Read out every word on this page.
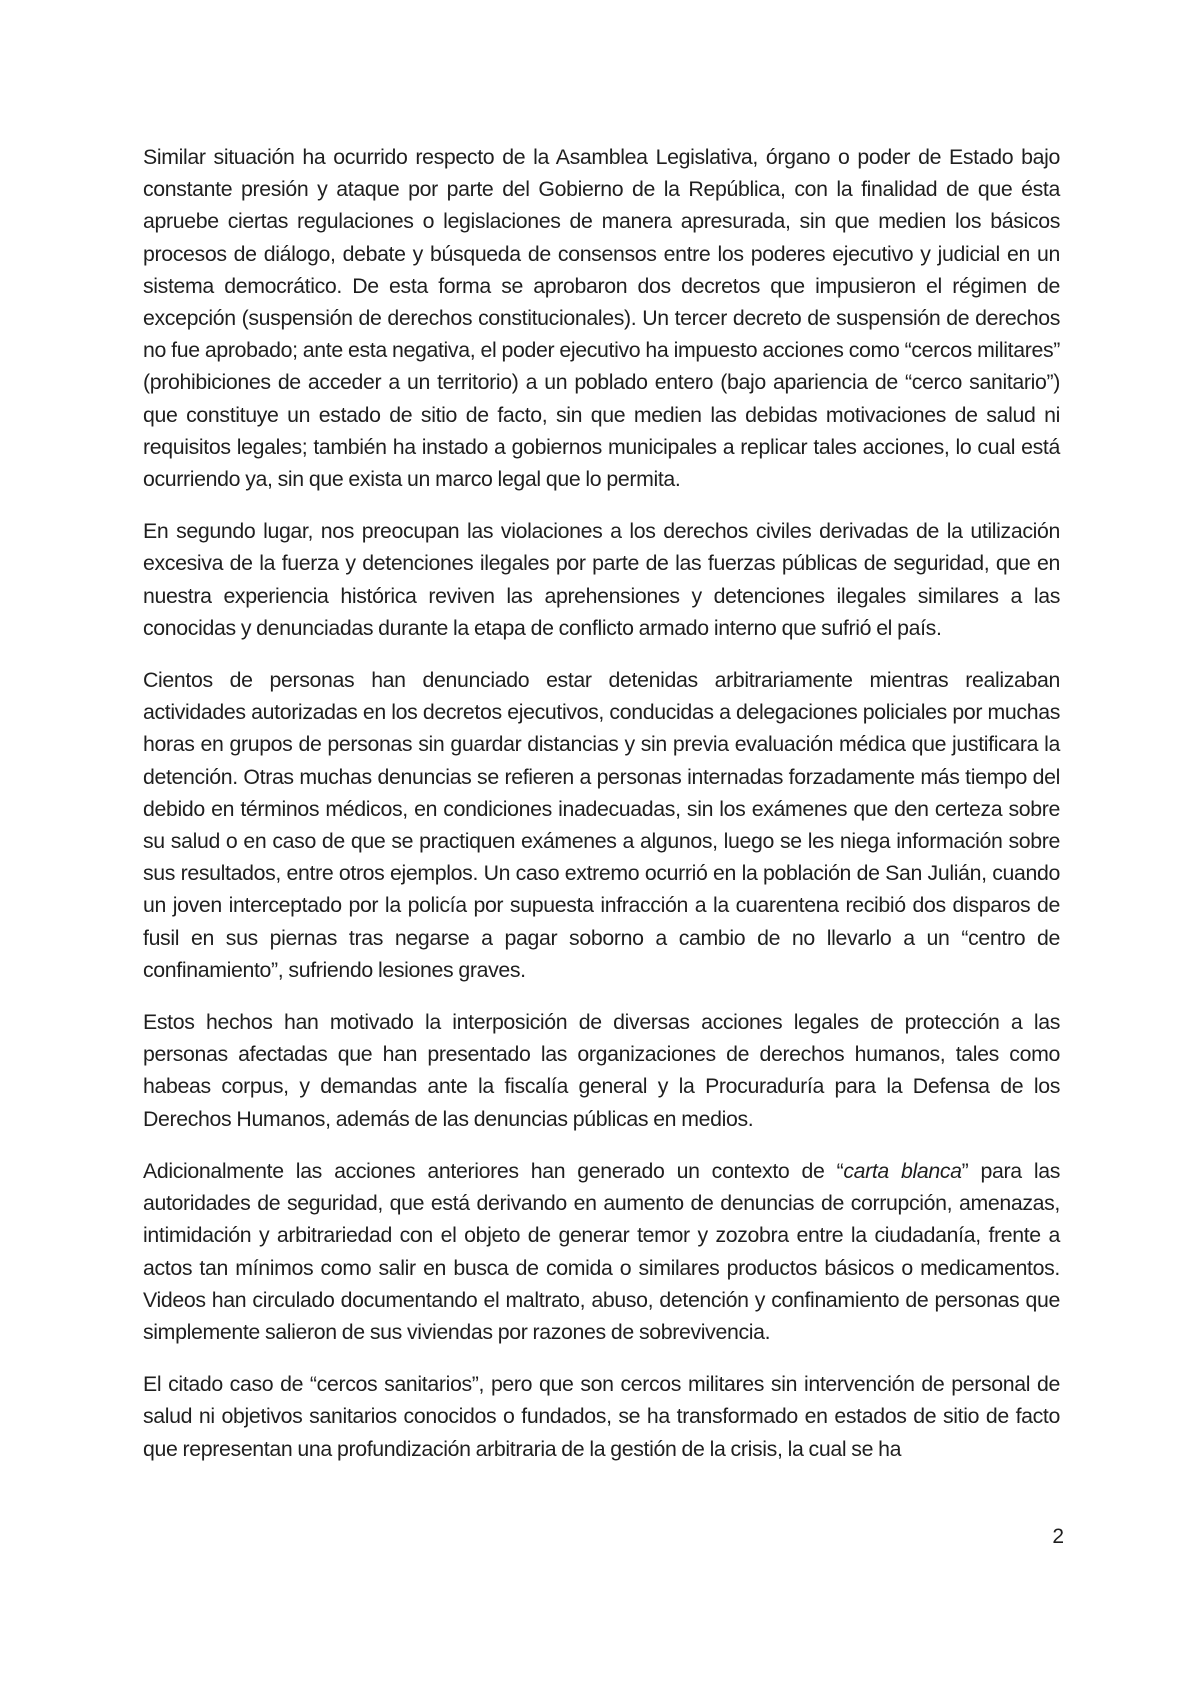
Similar situación ha ocurrido respecto de la Asamblea Legislativa, órgano o poder de Estado bajo constante presión y ataque por parte del Gobierno de la República, con la finalidad de que ésta apruebe ciertas regulaciones o legislaciones de manera apresurada, sin que medien los básicos procesos de diálogo, debate y búsqueda de consensos entre los poderes ejecutivo y judicial en un sistema democrático. De esta forma se aprobaron dos decretos que impusieron el régimen de excepción (suspensión de derechos constitucionales). Un tercer decreto de suspensión de derechos no fue aprobado; ante esta negativa, el poder ejecutivo ha impuesto acciones como “cercos militares” (prohibiciones de acceder a un territorio) a un poblado entero (bajo apariencia de “cerco sanitario”) que constituye un estado de sitio de facto, sin que medien las debidas motivaciones de salud ni requisitos legales; también ha instado a gobiernos municipales a replicar tales acciones, lo cual está ocurriendo ya, sin que exista un marco legal que lo permita.

En segundo lugar, nos preocupan las violaciones a los derechos civiles derivadas de la utilización excesiva de la fuerza y detenciones ilegales por parte de las fuerzas públicas de seguridad, que en nuestra experiencia histórica reviven las aprehensiones y detenciones ilegales similares a las conocidas y denunciadas durante la etapa de conflicto armado interno que sufrió el país.

Cientos de personas han denunciado estar detenidas arbitrariamente mientras realizaban actividades autorizadas en los decretos ejecutivos, conducidas a delegaciones policiales por muchas horas en grupos de personas sin guardar distancias y sin previa evaluación médica que justificara la detención. Otras muchas denuncias se refieren a personas internadas forzadamente más tiempo del debido en términos médicos, en condiciones inadecuadas, sin los exámenes que den certeza sobre su salud o en caso de que se practiquen exámenes a algunos, luego se les niega información sobre sus resultados, entre otros ejemplos. Un caso extremo ocurrió en la población de San Julián, cuando un joven interceptado por la policía por supuesta infracción a la cuarentena recibió dos disparos de fusil en sus piernas tras negarse a pagar soborno a cambio de no llevarlo a un “centro de confinamiento”, sufriendo lesiones graves.

Estos hechos han motivado la interposición de diversas acciones legales de protección a las personas afectadas que han presentado las organizaciones de derechos humanos, tales como habeas corpus, y demandas ante la fiscalía general y la Procuraduría para la Defensa de los Derechos Humanos, además de las denuncias públicas en medios.

Adicionalmente las acciones anteriores han generado un contexto de “carta blanca” para las autoridades de seguridad, que está derivando en aumento de denuncias de corrupción, amenazas, intimidación y arbitrariedad con el objeto de generar temor y zozobra entre la ciudadanía, frente a actos tan mínimos como salir en busca de comida o similares productos básicos o medicamentos. Videos han circulado documentando el maltrato, abuso, detención y confinamiento de personas que simplemente salieron de sus viviendas por razones de sobrevivencia.

El citado caso de “cercos sanitarios”, pero que son cercos militares sin intervención de personal de salud ni objetivos sanitarios conocidos o fundados, se ha transformado en estados de sitio de facto que representan una profundización arbitraria de la gestión de la crisis, la cual se ha

2
